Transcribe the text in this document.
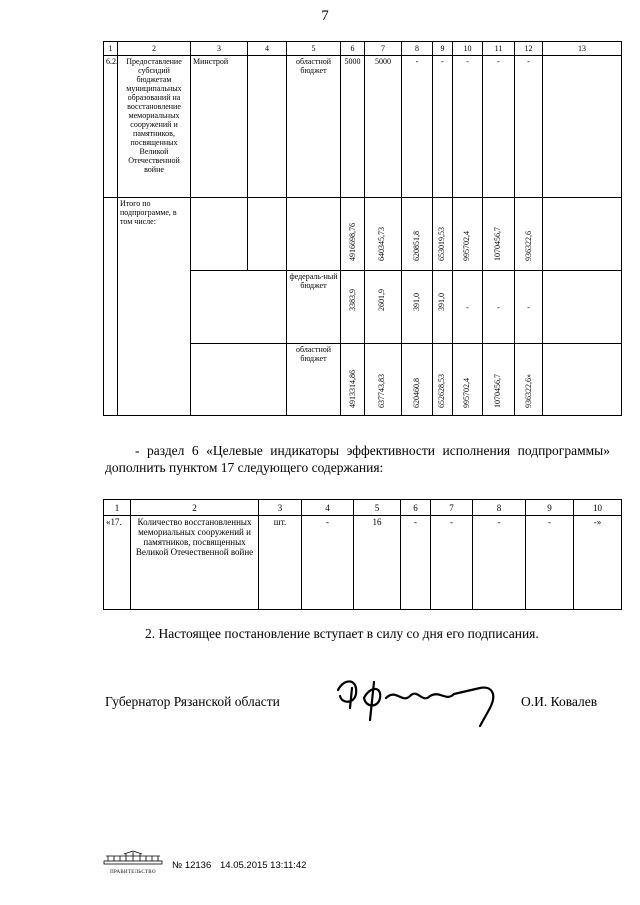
7
1	2	3	4	5	6	7	8	9	10	11	12	13
6.2.	Предоставление субсидий бюджетам муниципальных образований на восстановление мемориальных сооружений и памятников, посвященных Великой Отечественной войне	Минстрой		областной бюджет	5000	5000	-	-	-	-	-	
	Итого по подпрограмме, в том числе:				4916698,76	640345,73	620851,8	653019,53	995702,4	1070456,7	936322,6	

				федераль-ный бюджет	3383,9	2601,9	391,0	391,0	-	-	-	
				областной бюджет	4913314,86	637743,83	620460,8	652628,53	995702,4	1070456,7	936322,6»	

- раздел 6 «Целевые индикаторы эффективности исполнения подпрограммы» дополнить пунктом 17 следующего содержания:
1	2	3	4	5	6	7	8	9	10
«17.	Количество восстановленных мемориальных сооружений и памятников, посвященных Великой Отечественной войне	шт.	-	16	-	-	-	-	-»
2. Настоящее постановление вступает в силу со дня его подписания.
Губернатор Рязанской области	О.И. Ковалев
ПРАВИТЕЛЬСТВО
№ 12136 14.05.2015 13:11:42
